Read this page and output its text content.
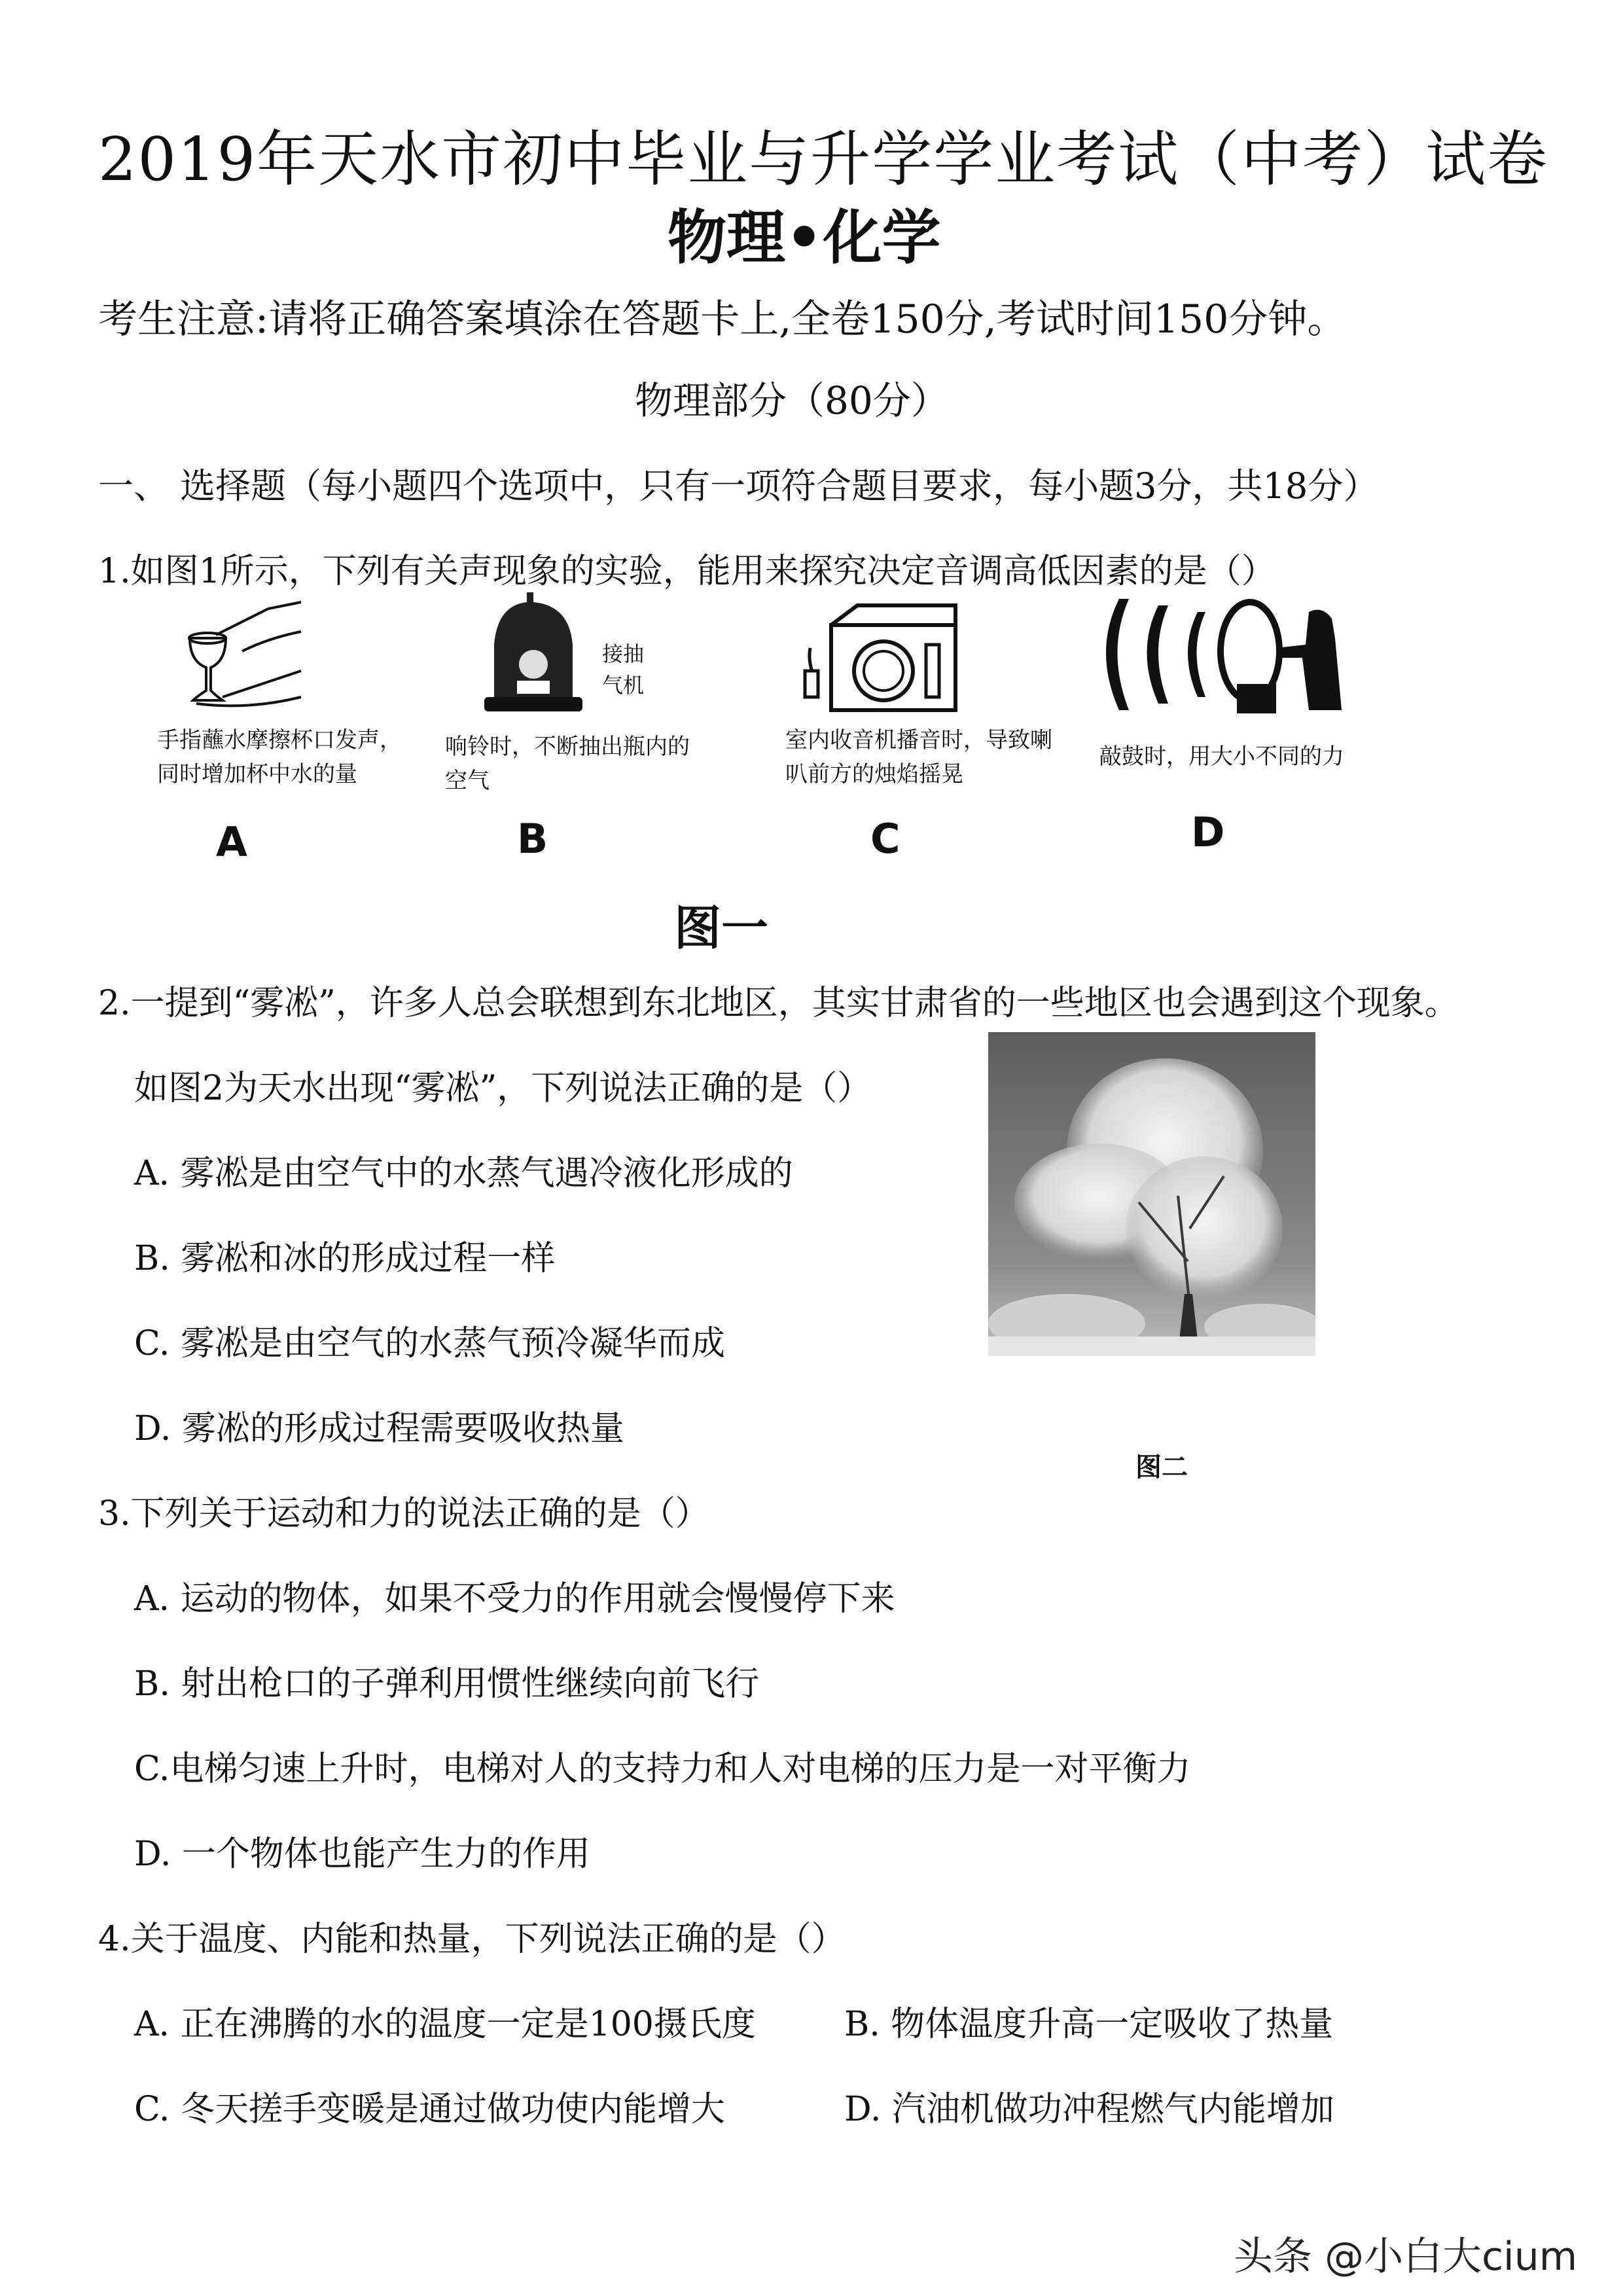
2019年天水市初中毕业与升学学业考试（中考）试卷
物理•化学
考生注意:请将正确答案填涂在答题卡上,全卷150分,考试时间150分钟。
物理部分（80分）
一、 选择题（每小题四个选项中，只有一项符合题目要求，每小题3分，共18分）
1.如图1所示，下列有关声现象的实验，能用来探究决定音调高低因素的是（）
手指蘸水摩擦杯口发声，同时增加杯中水的量
A
接抽气机
响铃时，不断抽出瓶内的空气
B
室内收音机播音时，导致喇叭前方的烛焰摇晃
C
敲鼓时，用大小不同的力
D
图一
2.一提到“雾凇”，许多人总会联想到东北地区，其实甘肃省的一些地区也会遇到这个现象。
如图2为天水出现“雾凇”，下列说法正确的是（）
A. 雾凇是由空气中的水蒸气遇冷液化形成的
B. 雾凇和冰的形成过程一样
C. 雾凇是由空气的水蒸气预冷凝华而成
D. 雾凇的形成过程需要吸收热量
图二
3.下列关于运动和力的说法正确的是（）
A. 运动的物体，如果不受力的作用就会慢慢停下来
B. 射出枪口的子弹利用惯性继续向前飞行
C.电梯匀速上升时，电梯对人的支持力和人对电梯的压力是一对平衡力
D. 一个物体也能产生力的作用
4.关于温度、内能和热量，下列说法正确的是（）
A. 正在沸腾的水的温度一定是100摄氏度	B. 物体温度升高一定吸收了热量
C. 冬天搓手变暖是通过做功使内能增大	D. 汽油机做功冲程燃气内能增加
头条 @小白大cium
